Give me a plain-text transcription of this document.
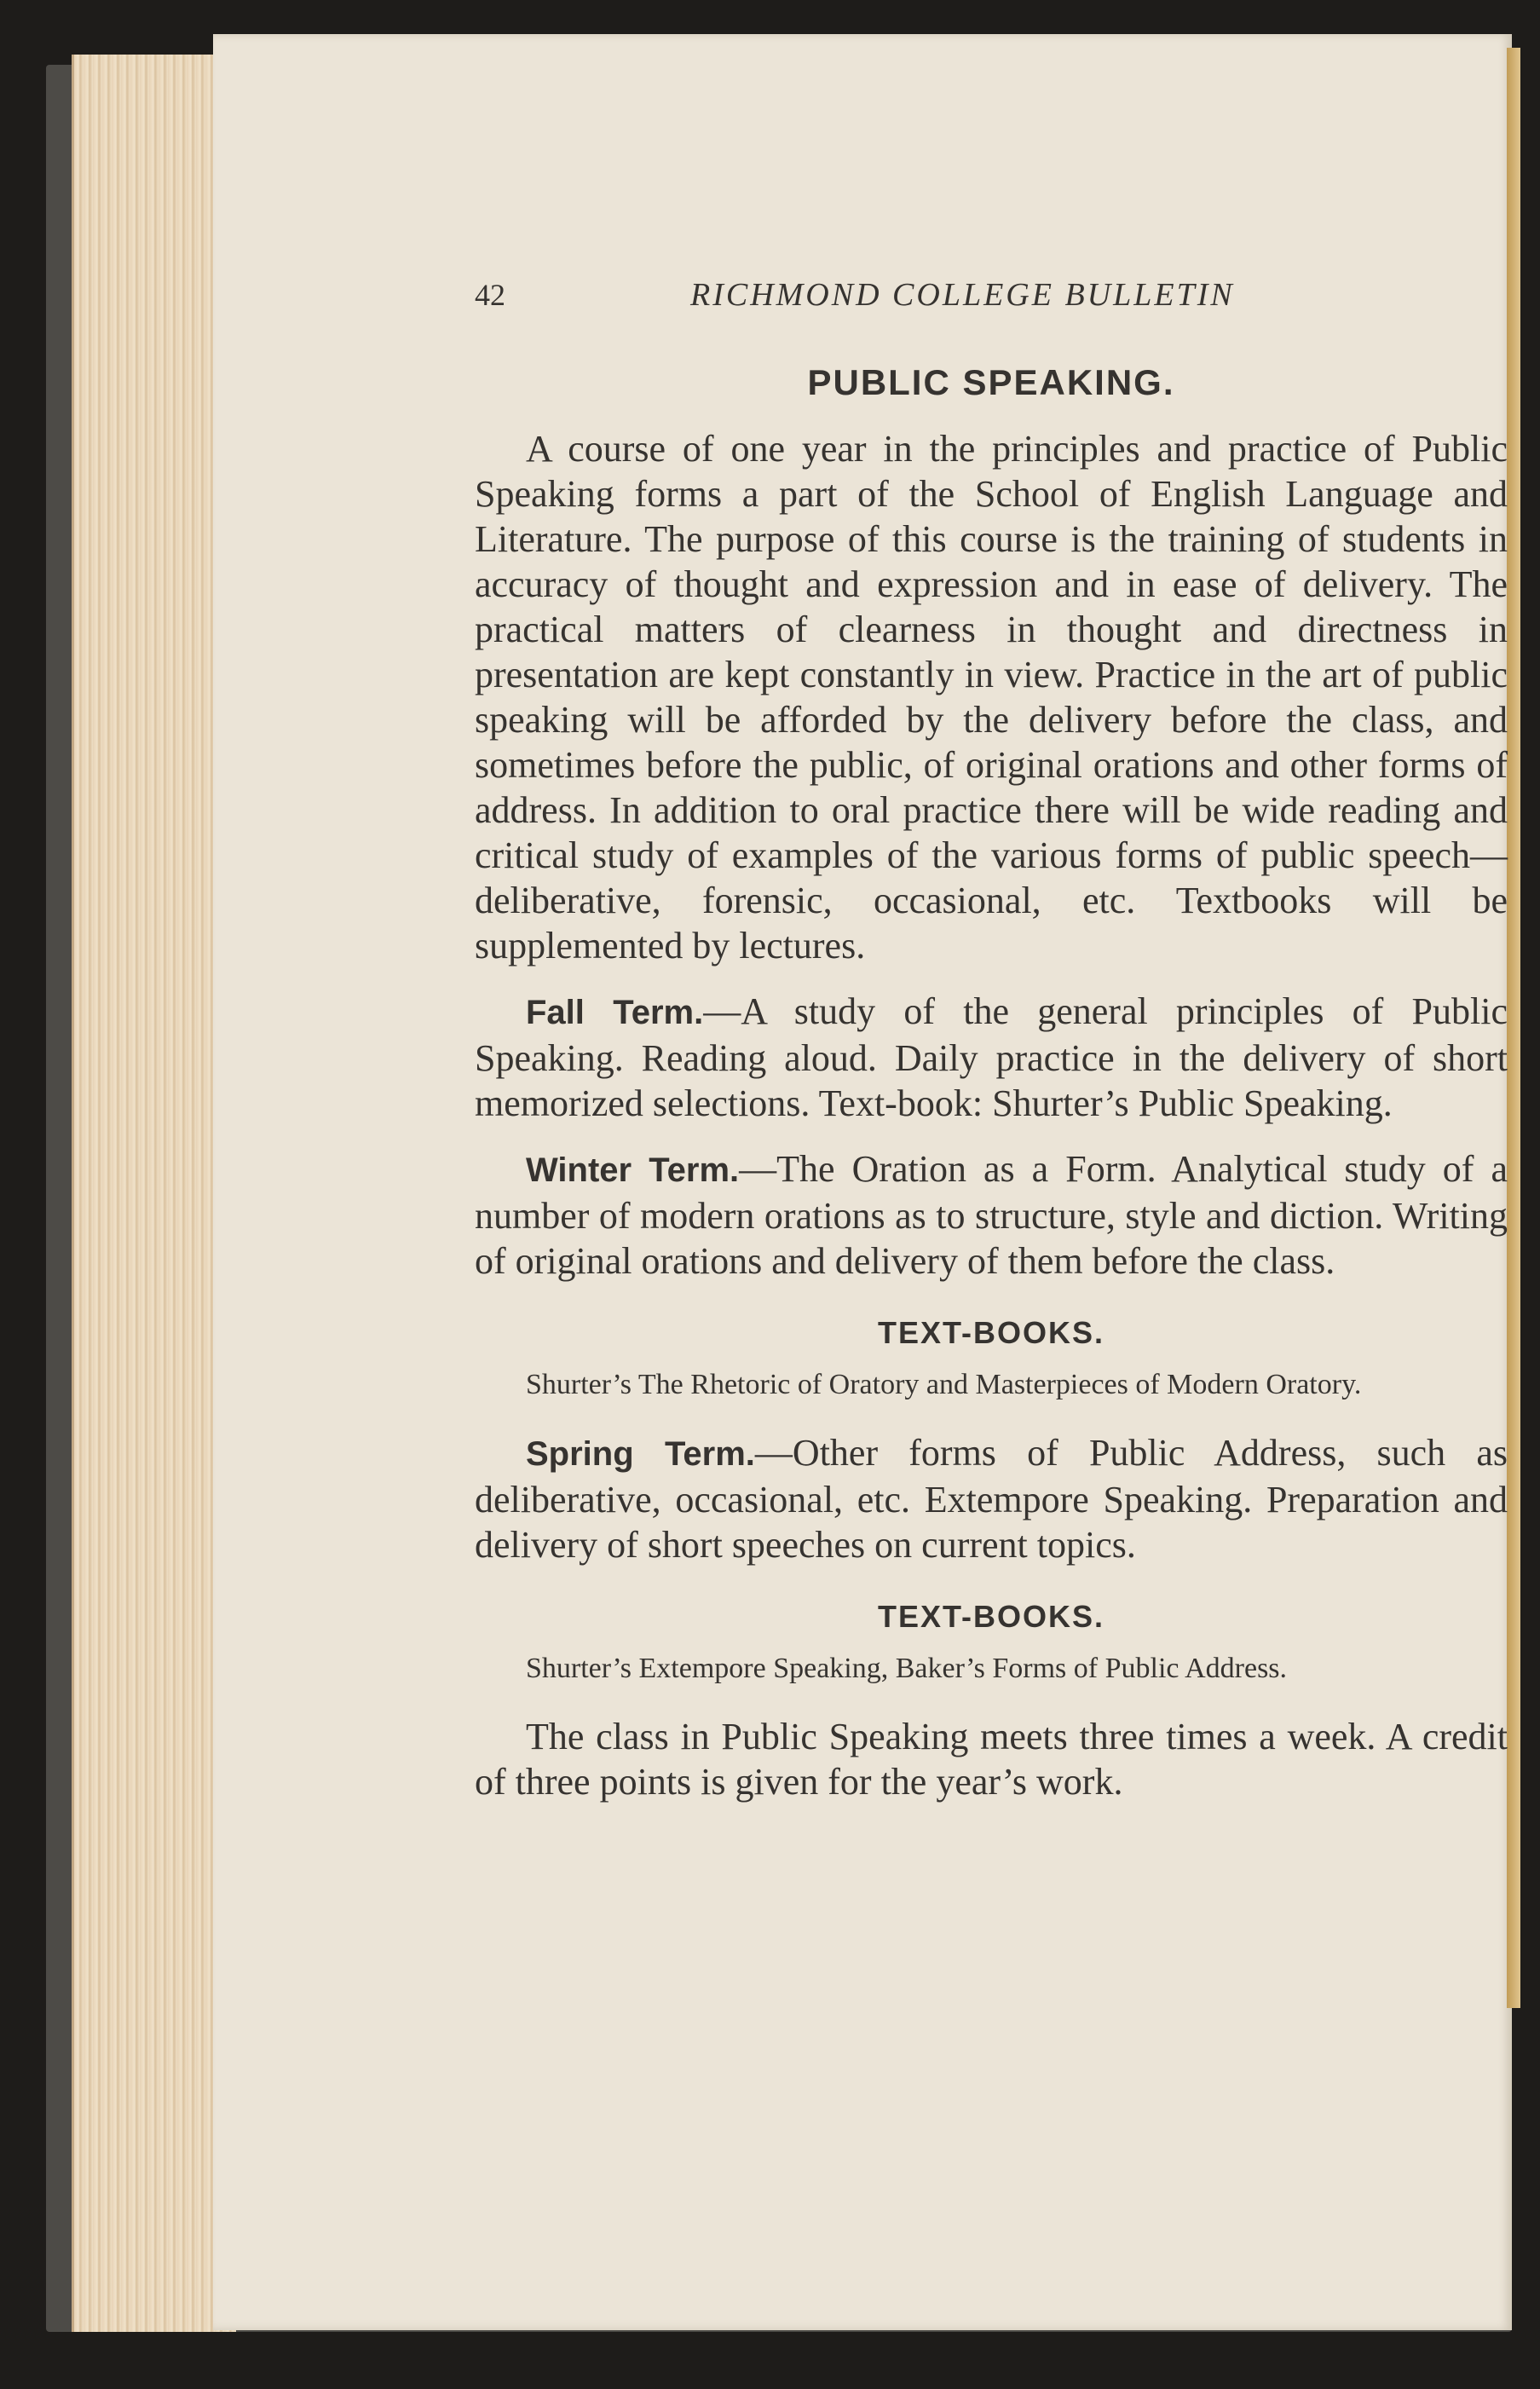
42	RICHMOND COLLEGE BULLETIN
PUBLIC SPEAKING.

A course of one year in the principles and practice of Public Speaking forms a part of the School of English Language and Literature. The purpose of this course is the training of students in accuracy of thought and expression and in ease of delivery. The practical matters of clearness in thought and directness in presentation are kept constantly in view. Practice in the art of public speaking will be afforded by the delivery before the class, and sometimes before the public, of original orations and other forms of address. In addition to oral practice there will be wide reading and critical study of examples of the various forms of public speech—deliberative, forensic, occasional, etc. Textbooks will be supplemented by lectures.

Fall Term.—A study of the general principles of Public Speaking. Reading aloud. Daily practice in the delivery of short memorized selections. Text-book: Shurter’s Public Speaking.

Winter Term.—The Oration as a Form. Analytical study of a number of modern orations as to structure, style and diction. Writing of original orations and delivery of them before the class.

TEXT-BOOKS.

Shurter’s The Rhetoric of Oratory and Masterpieces of Modern Oratory.

Spring Term.—Other forms of Public Address, such as deliberative, occasional, etc. Extempore Speaking. Preparation and delivery of short speeches on current topics.

TEXT-BOOKS.

Shurter’s Extempore Speaking, Baker’s Forms of Public Address.

The class in Public Speaking meets three times a week. A credit of three points is given for the year’s work.
